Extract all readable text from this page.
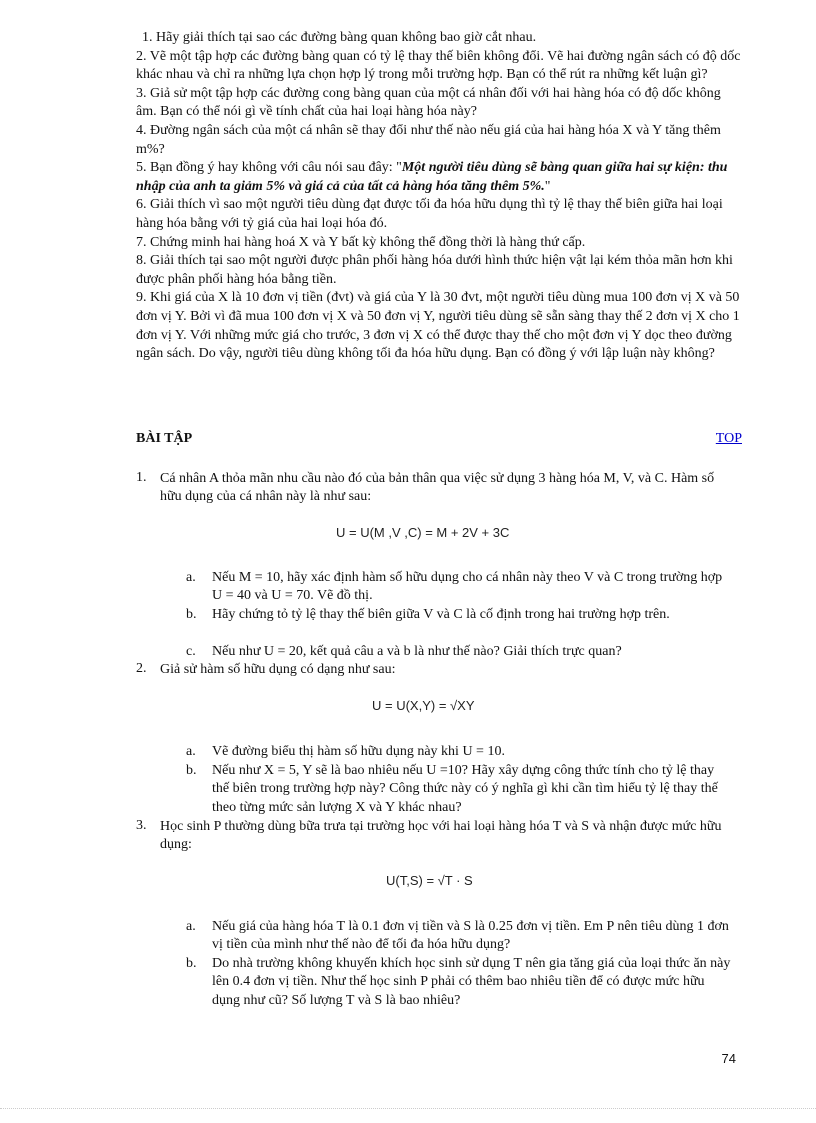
1. Hãy giải thích tại sao các đường bàng quan không bao giờ cắt nhau.

2. Vẽ một tập hợp các đường bàng quan có tỷ lệ thay thế biên không đổi. Vẽ hai đường ngân sách có độ dốc khác nhau và chỉ ra những lựa chọn hợp lý trong mỗi trường hợp. Bạn có thể rút ra những kết luận gì?

3. Giả sử một tập hợp các đường cong bàng quan của một cá nhân đối với hai hàng hóa có độ dốc không âm. Bạn có thể nói gì về tính chất của hai loại hàng hóa này?

4. Đường ngân sách của một cá nhân sẽ thay đổi như thế nào nếu giá của hai hàng hóa X và Y tăng thêm m%?

5. Bạn đồng ý hay không với câu nói sau đây: "Một người tiêu dùng sẽ bàng quan giữa hai sự kiện: thu nhập của anh ta giảm 5% và giá cả của tất cả hàng hóa tăng thêm 5%."

6. Giải thích vì sao một người tiêu dùng đạt được tối đa hóa hữu dụng thì tỷ lệ thay thế biên giữa hai loại hàng hóa bằng với tỷ giá của hai loại hóa đó.

7. Chứng minh hai hàng hoá X và Y bất kỳ không thể đồng thời là hàng thứ cấp.

8. Giải thích tại sao một người được phân phối hàng hóa dưới hình thức hiện vật lại kém thỏa mãn hơn khi được phân phối hàng hóa bằng tiền.

9. Khi giá của X là 10 đơn vị tiền (đvt) và giá của Y là 30 đvt, một người tiêu dùng mua 100 đơn vị X và 50 đơn vị Y. Bởi vì đã mua 100 đơn vị X và 50 đơn vị Y, người tiêu dùng sẽ sẵn sàng thay thế 2 đơn vị X cho 1 đơn vị Y. Với những mức giá cho trước, 3 đơn vị X có thể được thay thế cho một đơn vị Y dọc theo đường ngân sách. Do vậy, người tiêu dùng không tối đa hóa hữu dụng. Bạn có đồng ý với lập luận này không?

BÀI TẬP	TOP
1. Cá nhân A thỏa mãn nhu cầu nào đó của bản thân qua việc sử dụng 3 hàng hóa M, V, và C. Hàm số hữu dụng của cá nhân này là như sau:
U = U(M ,V ,C) = M + 2V + 3C
a. Nếu M = 10, hãy xác định hàm số hữu dụng cho cá nhân này theo V và C trong trường hợp U = 40 và U = 70. Vẽ đồ thị.
b. Hãy chứng tỏ tỷ lệ thay thế biên giữa V và C là cố định trong hai trường hợp trên.
c. Nếu như U = 20, kết quả câu a và b là như thế nào? Giải thích trực quan?
2. Giả sử hàm số hữu dụng có dạng như sau:
U = U(X,Y) = √XY
a. Vẽ đường biểu thị hàm số hữu dụng này khi U = 10.
b. Nếu như X = 5, Y sẽ là bao nhiêu nếu U =10? Hãy xây dựng công thức tính cho tỷ lệ thay thế biên trong trường hợp này? Công thức này có ý nghĩa gì khi cần tìm hiểu tỷ lệ thay thế theo từng mức sản lượng X và Y khác nhau?
3. Học sinh P thường dùng bữa trưa tại trường học với hai loại hàng hóa T và S và nhận được mức hữu dụng:
U(T,S) = √T · S
a. Nếu giá của hàng hóa T là 0.1 đơn vị tiền và S là 0.25 đơn vị tiền. Em P nên tiêu dùng 1 đơn vị tiền của mình như thế nào để tối đa hóa hữu dụng?
b. Do nhà trường không khuyến khích học sinh sử dụng T nên gia tăng giá của loại thức ăn này lên 0.4 đơn vị tiền. Như thế học sinh P phải có thêm bao nhiêu tiền để có được mức hữu dụng như cũ? Số lượng T và S là bao nhiêu?
74
